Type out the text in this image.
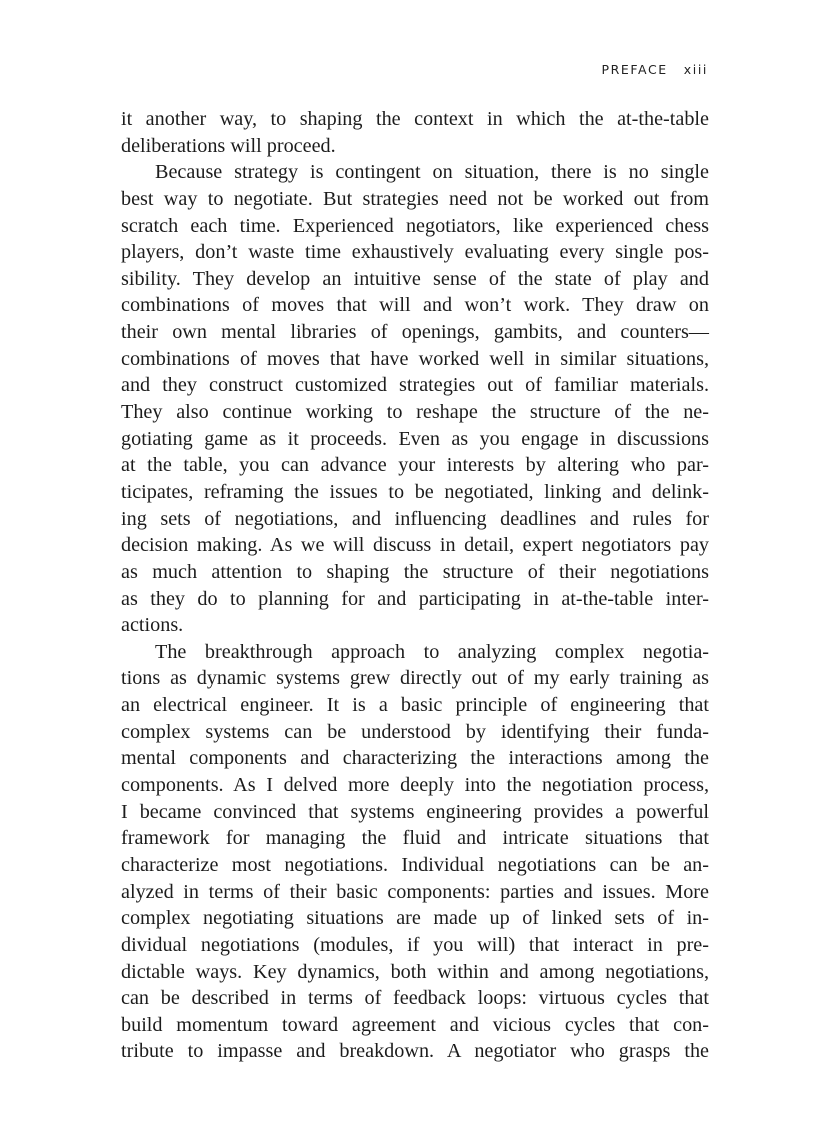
PREFACE xiii
it another way, to shaping the context in which the at-the-table
deliberations will proceed.
Because strategy is contingent on situation, there is no single
best way to negotiate. But strategies need not be worked out from
scratch each time. Experienced negotiators, like experienced chess
players, don’t waste time exhaustively evaluating every single pos-
sibility. They develop an intuitive sense of the state of play and
combinations of moves that will and won’t work. They draw on
their own mental libraries of openings, gambits, and counters—
combinations of moves that have worked well in similar situations,
and they construct customized strategies out of familiar materials.
They also continue working to reshape the structure of the ne-
gotiating game as it proceeds. Even as you engage in discussions
at the table, you can advance your interests by altering who par-
ticipates, reframing the issues to be negotiated, linking and delink-
ing sets of negotiations, and influencing deadlines and rules for
decision making. As we will discuss in detail, expert negotiators pay
as much attention to shaping the structure of their negotiations
as they do to planning for and participating in at-the-table inter-
actions.
The breakthrough approach to analyzing complex negotia-
tions as dynamic systems grew directly out of my early training as
an electrical engineer. It is a basic principle of engineering that
complex systems can be understood by identifying their funda-
mental components and characterizing the interactions among the
components. As I delved more deeply into the negotiation process,
I became convinced that systems engineering provides a powerful
framework for managing the fluid and intricate situations that
characterize most negotiations. Individual negotiations can be an-
alyzed in terms of their basic components: parties and issues. More
complex negotiating situations are made up of linked sets of in-
dividual negotiations (modules, if you will) that interact in pre-
dictable ways. Key dynamics, both within and among negotiations,
can be described in terms of feedback loops: virtuous cycles that
build momentum toward agreement and vicious cycles that con-
tribute to impasse and breakdown. A negotiator who grasps the
